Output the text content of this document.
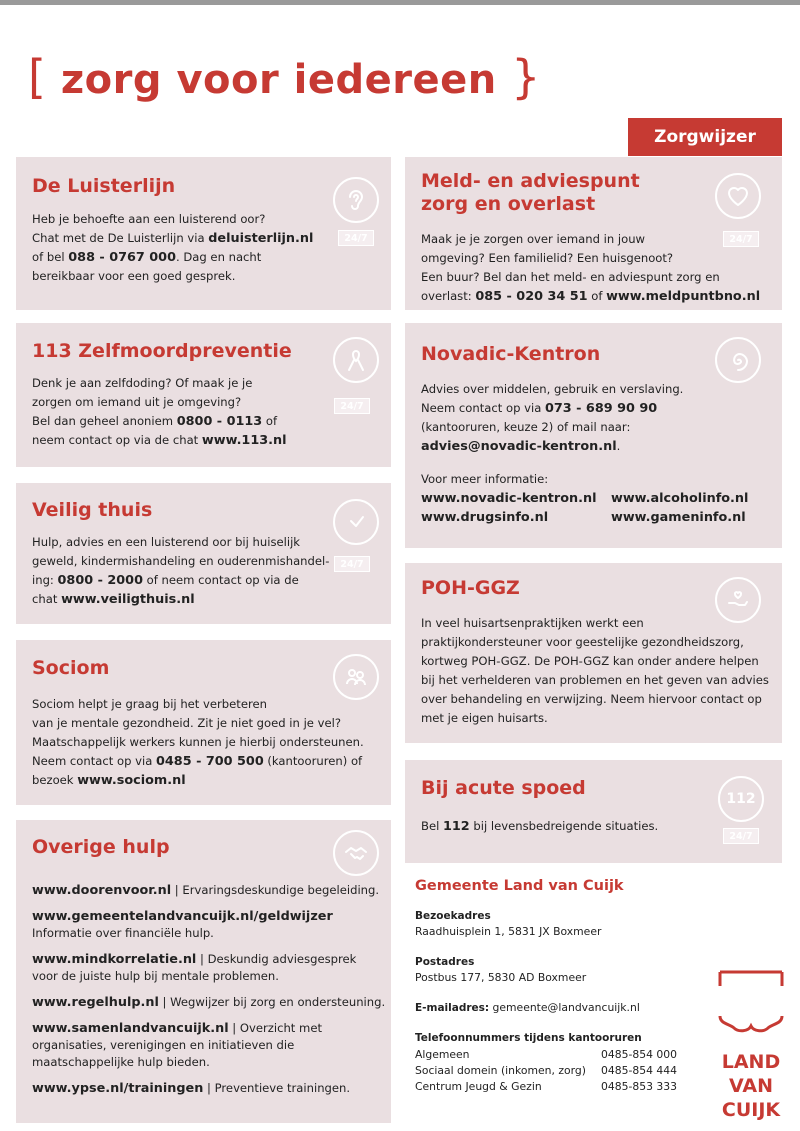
[ zorg voor iedereen }
Zorgwijzer
De Luisterlijn
24/7
Heb je behoefte aan een luisterend oor?
Chat met de De Luisterlijn via deluisterlijn.nl
of bel 088 - 0767 000. Dag en nacht
bereikbaar voor een goed gesprek.
Meld- en adviespunt
zorg en overlast
24/7
Maak je je zorgen over iemand in jouw
omgeving? Een familielid? Een huisgenoot?
Een buur? Bel dan het meld- en adviespunt zorg en
overlast: 085 - 020 34 51 of www.meldpuntbno.nl
113 Zelfmoordpreventie
24/7
Denk je aan zelfdoding? Of maak je je
zorgen om iemand uit je omgeving?
Bel dan geheel anoniem 0800 - 0113 of
neem contact op via de chat www.113.nl
Novadic-Kentron
Advies over middelen, gebruik en verslaving.
Neem contact op via 073 - 689 90 90
(kantooruren, keuze 2) of mail naar:
advies@novadic-kentron.nl.
Voor meer informatie:
www.novadic-kentron.nl www.alcoholinfo.nl
www.drugsinfo.nl	www.gameninfo.nl
Veilig thuis
24/7
Hulp, advies en een luisterend oor bij huiselijk
geweld, kindermishandeling en ouderenmishandel-
ing: 0800 - 2000 of neem contact op via de
chat www.veiligthuis.nl
POH-GGZ
In veel huisartsenpraktijken werkt een
praktijkondersteuner voor geestelijke gezondheidszorg,
kortweg POH-GGZ. De POH-GGZ kan onder andere helpen
bij het verhelderen van problemen en het geven van advies
over behandeling en verwijzing. Neem hiervoor contact op
met je eigen huisarts.
Sociom
Sociom helpt je graag bij het verbeteren
van je mentale gezondheid. Zit je niet goed in je vel?
Maatschappelijk werkers kunnen je hierbij ondersteunen.
Neem contact op via 0485 - 700 500 (kantooruren) of
bezoek www.sociom.nl	Bij acute spoed	112
24/7
Bel 112 bij levensbedreigende situaties.
Overige hulp
www.doorenvoor.nl | Ervaringsdeskundige begeleiding.
www.gemeentelandvancuijk.nl/geldwijzer
Informatie over financiële hulp.
www.mindkorrelatie.nl | Deskundig adviesgesprek
voor de juiste hulp bij mentale problemen.
www.regelhulp.nl | Wegwijzer bij zorg en ondersteuning.
www.samenlandvancuijk.nl | Overzicht met
organisaties, verenigingen en initiatieven die
maatschappelijke hulp bieden.
www.ypse.nl/trainingen | Preventieve trainingen.
Gemeente Land van Cuijk
Bezoekadres
Raadhuisplein 1, 5831 JX Boxmeer
Postadres
Postbus 177, 5830 AD Boxmeer
E-mailadres: gemeente@landvancuijk.nl
Telefoonnummers tijdens kantooruren
Algemeen	0485-854 000
Sociaal domein (inkomen, zorg)	0485-854 444
Centrum Jeugd & Gezin	0485-853 333
LAND
VAN
CUIJK
